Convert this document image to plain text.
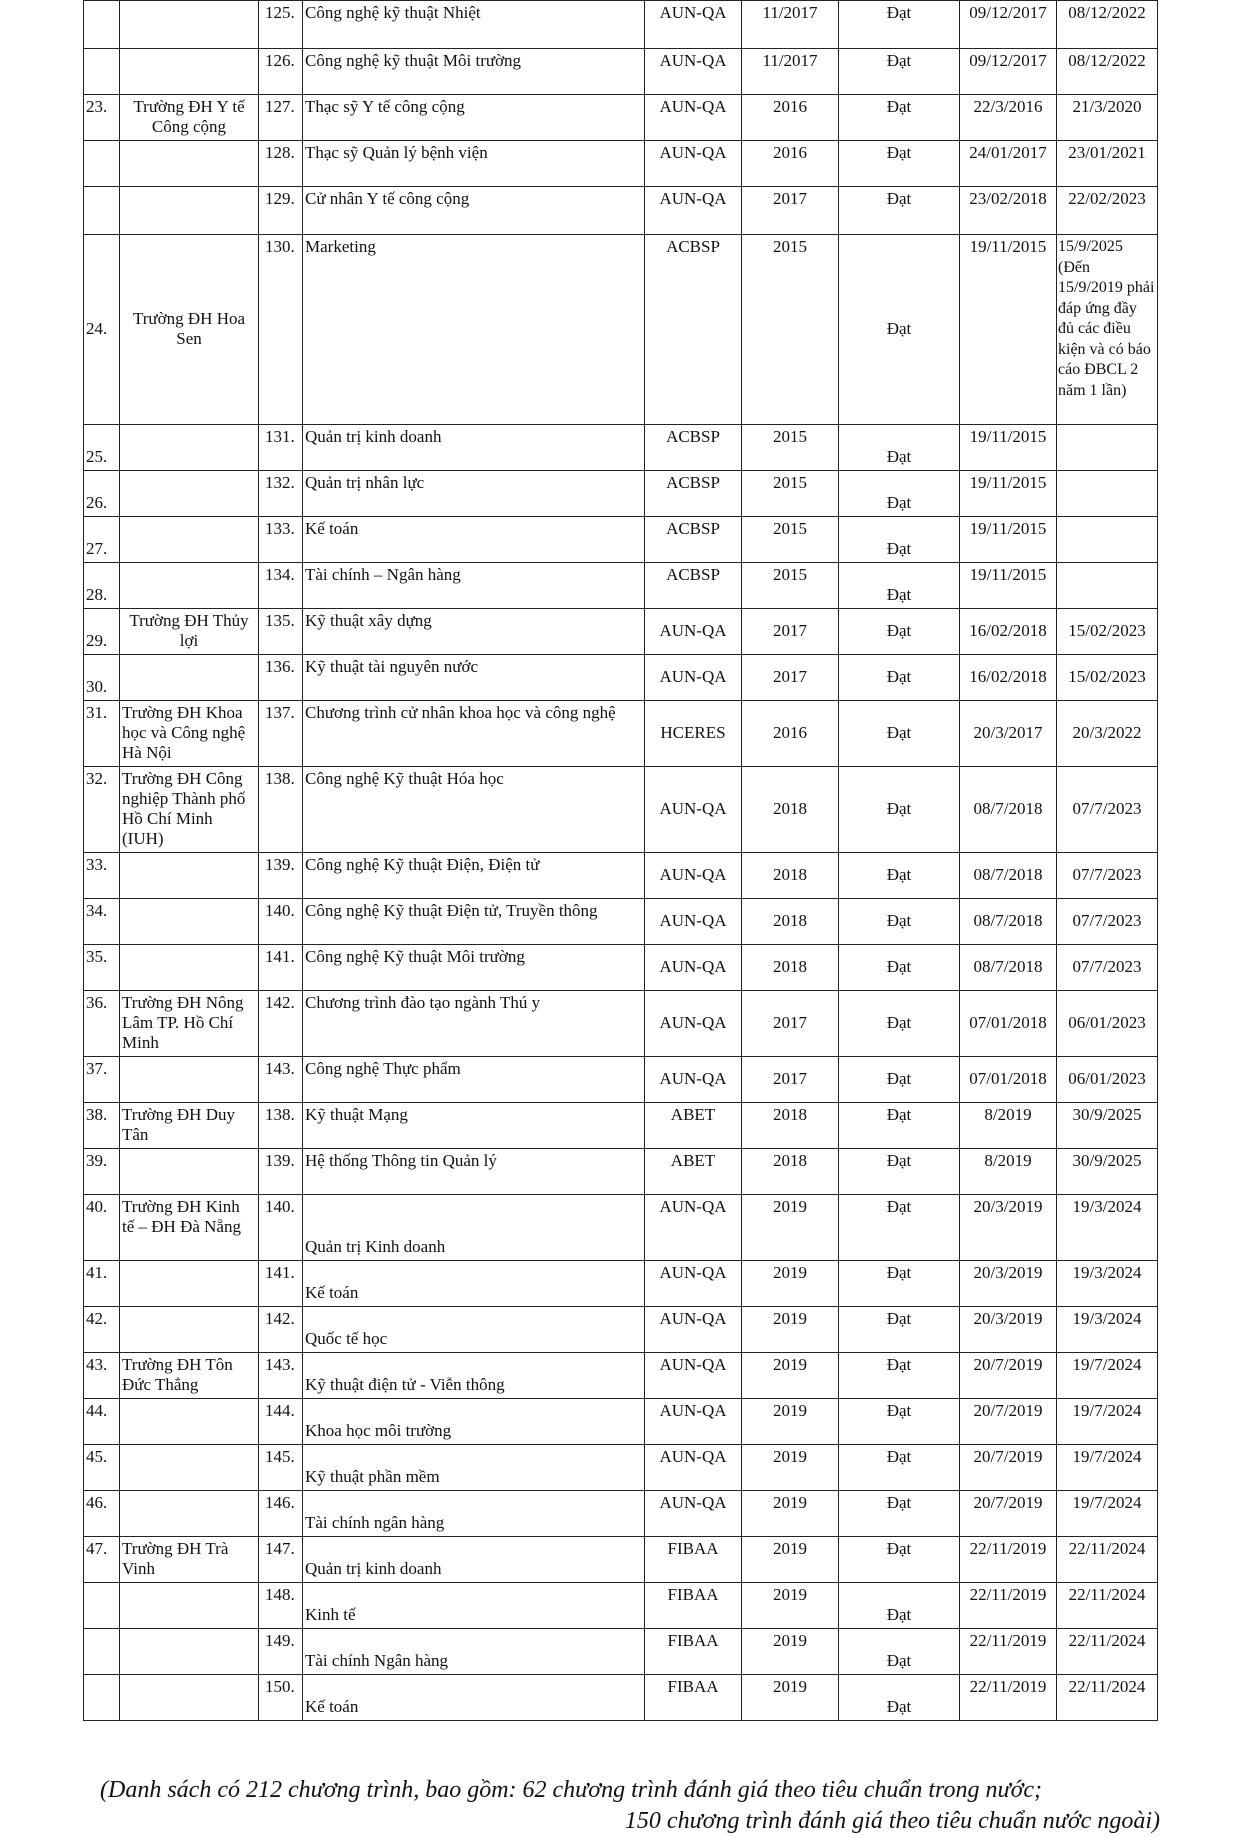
		125.	Công nghệ kỹ thuật Nhiệt	AUN-QA	11/2017	Đạt	09/12/2017	08/12/2022
		126.	Công nghệ kỹ thuật Môi trường	AUN-QA	11/2017	Đạt	09/12/2017	08/12/2022
23.	Trường ĐH Y tế Công cộng	127.	Thạc sỹ Y tế công cộng	AUN-QA	2016	Đạt	22/3/2016	21/3/2020
		128.	Thạc sỹ Quản lý bệnh viện	AUN-QA	2016	Đạt	24/01/2017	23/01/2021
		129.	Cử nhân Y tế công cộng	AUN-QA	2017	Đạt	23/02/2018	22/02/2023
24.	Trường ĐH Hoa Sen	130.	Marketing	ACBSP	2015	Đạt	19/11/2015	15/9/2025 (Đến 15/9/2019 phải đáp ứng đầy đủ các điều kiện và có báo cáo ĐBCL 2 năm 1 lần)
25.		131.	Quản trị kinh doanh	ACBSP	2015	Đạt	19/11/2015	
26.		132.	Quản trị nhân lực	ACBSP	2015	Đạt	19/11/2015	
27.		133.	Kế toán	ACBSP	2015	Đạt	19/11/2015	
28.		134.	Tài chính – Ngân hàng	ACBSP	2015	Đạt	19/11/2015	
29.	Trường ĐH Thủy lợi	135.	Kỹ thuật xây dựng	AUN-QA	2017	Đạt	16/02/2018	15/02/2023
30.		136.	Kỹ thuật tài nguyên nước	AUN-QA	2017	Đạt	16/02/2018	15/02/2023
31.	Trường ĐH Khoa học và Công nghệ Hà Nội	137.	Chương trình cử nhân khoa học và công nghệ	HCERES	2016	Đạt	20/3/2017	20/3/2022
32.	Trường ĐH Công nghiệp Thành phố Hồ Chí Minh (IUH)	138.	Công nghệ Kỹ thuật Hóa học	AUN-QA	2018	Đạt	08/7/2018	07/7/2023
33.		139.	Công nghệ Kỹ thuật Điện, Điện tử	AUN-QA	2018	Đạt	08/7/2018	07/7/2023
34.		140.	Công nghệ Kỹ thuật Điện tử, Truyền thông	AUN-QA	2018	Đạt	08/7/2018	07/7/2023
35.		141.	Công nghệ Kỹ thuật Môi trường	AUN-QA	2018	Đạt	08/7/2018	07/7/2023
36.	Trường ĐH Nông Lâm TP. Hồ Chí Minh	142.	Chương trình đào tạo ngành Thú y	AUN-QA	2017	Đạt	07/01/2018	06/01/2023
37.		143.	Công nghệ Thực phẩm	AUN-QA	2017	Đạt	07/01/2018	06/01/2023
38.	Trường ĐH Duy Tân	138.	Kỹ thuật Mạng	ABET	2018	Đạt	8/2019	30/9/2025
39.		139.	Hệ thống Thông tin Quản lý	ABET	2018	Đạt	8/2019	30/9/2025
40.	Trường ĐH Kinh tế – ĐH Đà Nẵng	140.	Quản trị Kinh doanh	AUN-QA	2019	Đạt	20/3/2019	19/3/2024
41.		141.	Kế toán	AUN-QA	2019	Đạt	20/3/2019	19/3/2024
42.		142.	Quốc tế học	AUN-QA	2019	Đạt	20/3/2019	19/3/2024
43.	Trường ĐH Tôn Đức Thắng	143.	Kỹ thuật điện tử - Viễn thông	AUN-QA	2019	Đạt	20/7/2019	19/7/2024
44.		144.	Khoa học môi trường	AUN-QA	2019	Đạt	20/7/2019	19/7/2024
45.		145.	Kỹ thuật phần mềm	AUN-QA	2019	Đạt	20/7/2019	19/7/2024
46.		146.	Tài chính ngân hàng	AUN-QA	2019	Đạt	20/7/2019	19/7/2024
47.	Trường ĐH Trà Vinh	147.	Quản trị kinh doanh	FIBAA	2019	Đạt	22/11/2019	22/11/2024
		148.	Kinh tế	FIBAA	2019	Đạt	22/11/2019	22/11/2024
		149.	Tài chính Ngân hàng	FIBAA	2019	Đạt	22/11/2019	22/11/2024
		150.	Kế toán	FIBAA	2019	Đạt	22/11/2019	22/11/2024
(Danh sách có 212 chương trình, bao gồm: 62 chương trình đánh giá theo tiêu chuẩn trong nước;
150 chương trình đánh giá theo tiêu chuẩn nước ngoài)
